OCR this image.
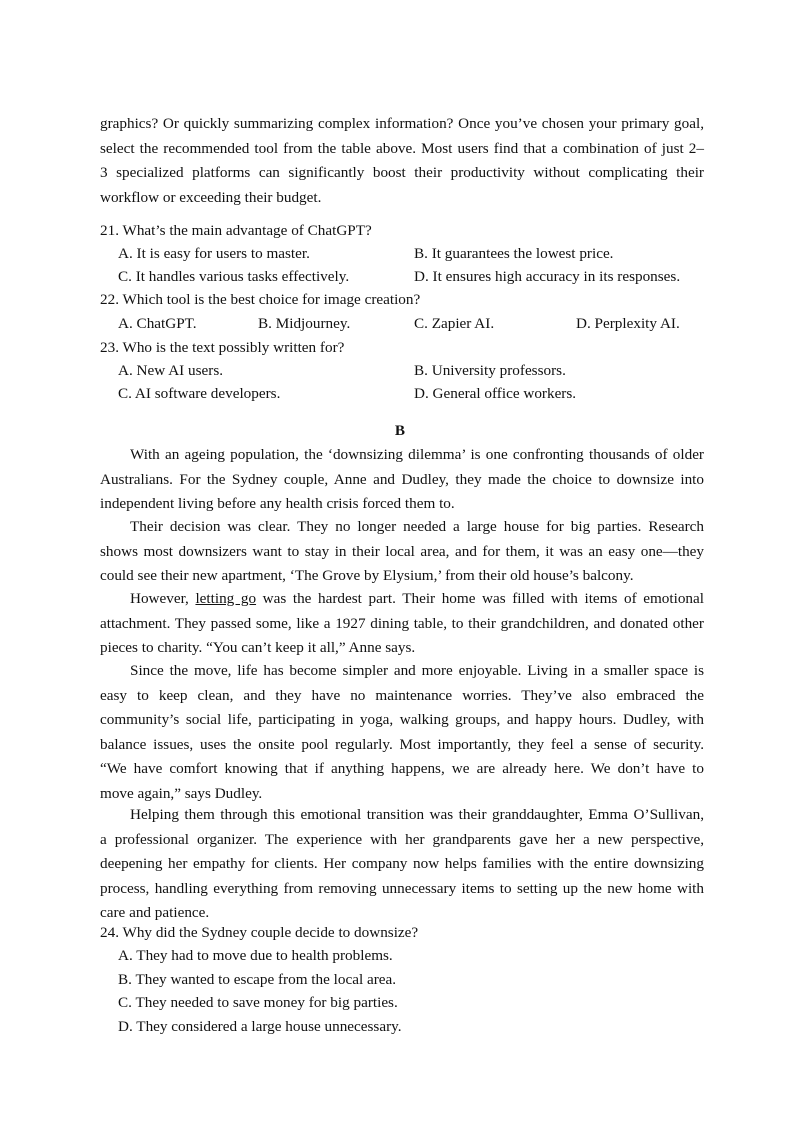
graphics? Or quickly summarizing complex information? Once you’ve chosen your primary goal,
select the recommended tool from the table above. Most users find that a combination of just 2–
3 specialized platforms can significantly boost their productivity without complicating their
workflow or exceeding their budget.
21. What’s the main advantage of ChatGPT?
A. It is easy for users to master.	B. It guarantees the lowest price.
C. It handles various tasks effectively.	D. It ensures high accuracy in its responses.
22. Which tool is the best choice for image creation?
A. ChatGPT.	B. Midjourney.	C. Zapier AI.	D. Perplexity AI.
23. Who is the text possibly written for?
A. New AI users.	B. University professors.
C. AI software developers.	D. General office workers.
B
With an ageing population, the ‘downsizing dilemma’ is one confronting thousands of older
Australians. For the Sydney couple, Anne and Dudley, they made the choice to downsize into
independent living before any health crisis forced them to.
Their decision was clear. They no longer needed a large house for big parties. Research
shows most downsizers want to stay in their local area, and for them, it was an easy one—they
could see their new apartment, ‘The Grove by Elysium,’ from their old house’s balcony.
However, letting go was the hardest part. Their home was filled with items of emotional
attachment. They passed some, like a 1927 dining table, to their grandchildren, and donated other
pieces to charity. “You can’t keep it all,” Anne says.
Since the move, life has become simpler and more enjoyable. Living in a smaller space is
easy to keep clean, and they have no maintenance worries. They’ve also embraced the
community’s social life, participating in yoga, walking groups, and happy hours. Dudley, with
balance issues, uses the onsite pool regularly. Most importantly, they feel a sense of security.
“We have comfort knowing that if anything happens, we are already here. We don’t have to
move again,” says Dudley.
Helping them through this emotional transition was their granddaughter, Emma O’Sullivan,
a professional organizer. The experience with her grandparents gave her a new perspective,
deepening her empathy for clients. Her company now helps families with the entire downsizing
process, handling everything from removing unnecessary items to setting up the new home with
care and patience.
24. Why did the Sydney couple decide to downsize?
A. They had to move due to health problems.
B. They wanted to escape from the local area.
C. They needed to save money for big parties.
D. They considered a large house unnecessary.
